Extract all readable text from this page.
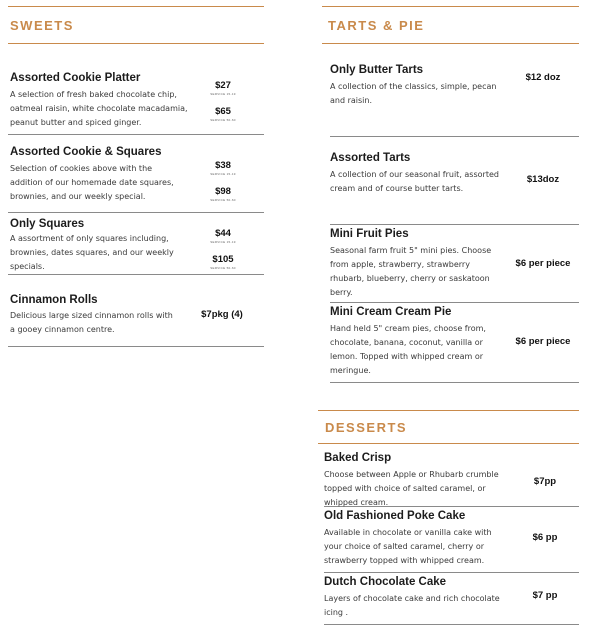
SWEETS
Assorted Cookie Platter
A selection of fresh baked chocolate chip, oatmeal raisin, white chocolate macadamia, peanut butter and spiced ginger.
$27
SERVICE 15-19
$65
SERVICE 50-60
Assorted Cookie & Squares
Selection of cookies above with the addition of our homemade date squares, brownies, and our weekly special.
$38
SERVICE 15-19
$98
SERVICE 50-60
Only Squares
A assortment of only squares including, brownies, dates squares, and our weekly specials.
$44
SERVICE 15-19
$105
SERVICE 50-60
Cinnamon Rolls
Delicious large sized cinnamon rolls with a gooey cinnamon centre.
$7pkg (4)
TARTS & PIE
Only Butter Tarts
A collection of the classics, simple, pecan and raisin.
$12 doz
Assorted Tarts
A collection of our seasonal fruit, assorted cream and of course butter tarts.
$13doz
Mini Fruit Pies
Seasonal farm fruit 5" mini pies. Choose from apple, strawberry, strawberry rhubarb, blueberry, cherry or saskatoon berry.
$6 per piece
Mini Cream Cream Pie
Hand held 5" cream pies, choose from, chocolate, banana, coconut, vanilla or lemon. Topped with whipped cream or meringue.
$6 per piece
DESSERTS
Baked Crisp
Choose between Apple or Rhubarb crumble topped with choice of salted caramel, or whipped cream.
$7pp
Old Fashioned Poke Cake
Available in chocolate or vanilla cake with your choice of salted caramel, cherry or strawberry topped with whipped cream.
$6 pp
Dutch Chocolate Cake
Layers of chocolate cake and rich chocolate icing .
$7 pp
